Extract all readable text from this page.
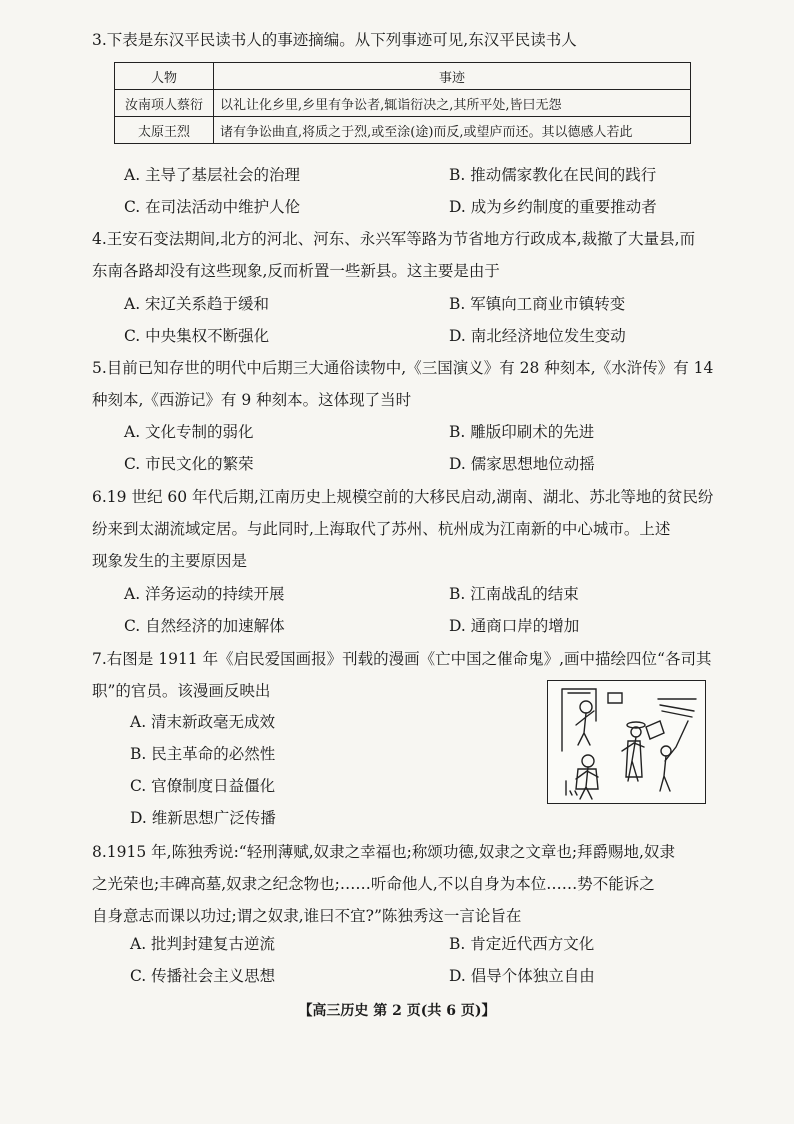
3.下表是东汉平民读书人的事迹摘编。从下列事迹可见,东汉平民读书人
人物	事迹
汝南项人蔡衍	以礼让化乡里,乡里有争讼者,辄诣衍决之,其所平处,皆曰无怨
太原王烈	诸有争讼曲直,将质之于烈,或至涂(途)而反,或望庐而还。其以德感人若此
A. 主导了基层社会的治理	B. 推动儒家教化在民间的践行
C. 在司法活动中维护人伦	D. 成为乡约制度的重要推动者
4.王安石变法期间,北方的河北、河东、永兴军等路为节省地方行政成本,裁撤了大量县,而
东南各路却没有这些现象,反而析置一些新县。这主要是由于
A. 宋辽关系趋于缓和	B. 军镇向工商业市镇转变
C. 中央集权不断强化	D. 南北经济地位发生变动
5.目前已知存世的明代中后期三大通俗读物中,《三国演义》有 28 种刻本,《水浒传》有 14
种刻本,《西游记》有 9 种刻本。这体现了当时
A. 文化专制的弱化	B. 雕版印刷术的先进
C. 市民文化的繁荣	D. 儒家思想地位动摇
6.19 世纪 60 年代后期,江南历史上规模空前的大移民启动,湖南、湖北、苏北等地的贫民纷
纷来到太湖流域定居。与此同时,上海取代了苏州、杭州成为江南新的中心城市。上述
现象发生的主要原因是
A. 洋务运动的持续开展	B. 江南战乱的结束
C. 自然经济的加速解体	D. 通商口岸的增加
7.右图是 1911 年《启民爱国画报》刊载的漫画《亡中国之催命鬼》,画中描绘四位“各司其
职”的官员。该漫画反映出
A. 清末新政毫无成效
B. 民主革命的必然性
C. 官僚制度日益僵化
D. 维新思想广泛传播
8.1915 年,陈独秀说:“轻刑薄赋,奴隶之幸福也;称颂功德,奴隶之文章也;拜爵赐地,奴隶
之光荣也;丰碑高墓,奴隶之纪念物也;……听命他人,不以自身为本位……势不能诉之
自身意志而课以功过;谓之奴隶,谁曰不宜?”陈独秀这一言论旨在
A. 批判封建复古逆流	B. 肯定近代西方文化
C. 传播社会主义思想	D. 倡导个体独立自由
【高三历史 第 2 页(共 6 页)】
